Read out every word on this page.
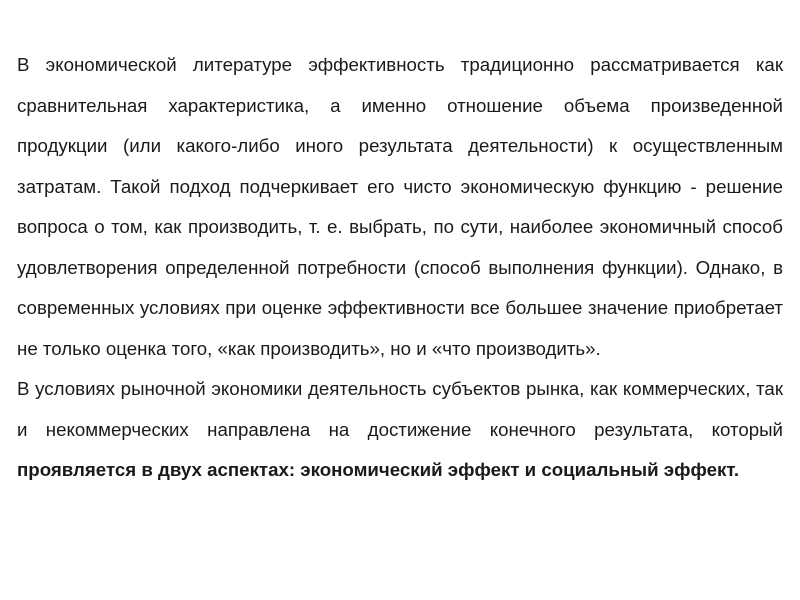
В экономической литературе эффективность традиционно рассматривается как сравнительная характеристика, а именно отношение объема произведенной продукции (или какого-либо иного результата деятельности) к осуществленным затратам. Такой подход подчеркивает его чисто экономическую функцию - решение вопроса о том, как производить, т. е. выбрать, по сути, наиболее экономичный способ удовлетворения определенной потребности (способ выполнения функции). Однако, в современных условиях при оценке эффективности все большее значение приобретает не только оценка того, «как производить», но и «что производить».

В условиях рыночной экономики деятельность субъектов рынка, как коммерческих, так и некоммерческих направлена на достижение конечного результата, который проявляется в двух аспектах: экономический эффект и социальный эффект.
